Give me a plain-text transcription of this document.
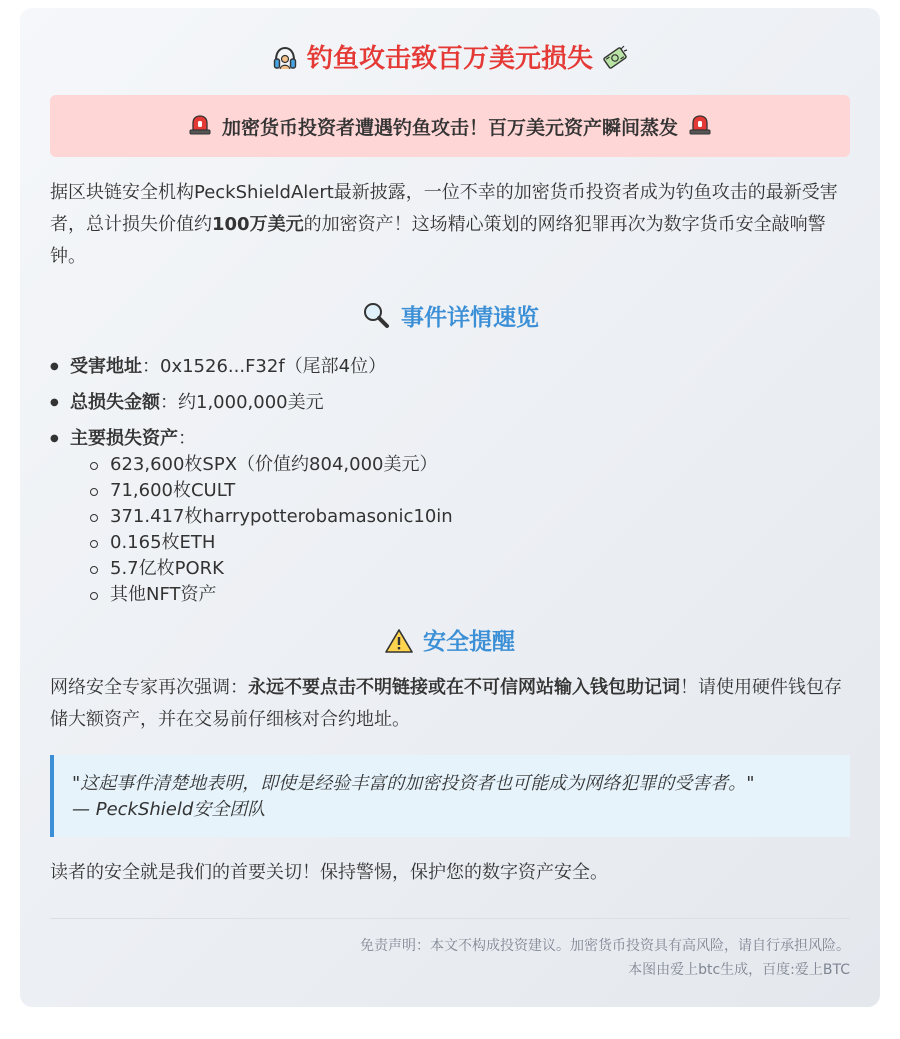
钓鱼攻击致百万美元损失
加密货币投资者遭遇钓鱼攻击！百万美元资产瞬间蒸发
据区块链安全机构PeckShieldAlert最新披露，一位不幸的加密货币投资者成为钓鱼攻击的最新受害者，总计损失价值约100万美元的加密资产！这场精心策划的网络犯罪再次为数字货币安全敲响警钟。
事件详情速览
● 受害地址：0x1526...F32f（尾部4位）
● 总损失金额：约1,000,000美元
● 主要损失资产：
623,600枚SPX（价值约804,000美元）
71,600枚CULT
371.417枚harrypotterobamasonic10in
0.165枚ETH
5.7亿枚PORK
其他NFT资产
安全提醒
网络安全专家再次强调：永远不要点击不明链接或在不可信网站输入钱包助记词！请使用硬件钱包存储大额资产，并在交易前仔细核对合约地址。
"这起事件清楚地表明，即使是经验丰富的加密投资者也可能成为网络犯罪的受害者。"
— PeckShield安全团队
读者的安全就是我们的首要关切！保持警惕，保护您的数字资产安全。
免责声明：本文不构成投资建议。加密货币投资具有高风险，请自行承担风险。
本图由爱上btc生成，百度:爱上BTC
